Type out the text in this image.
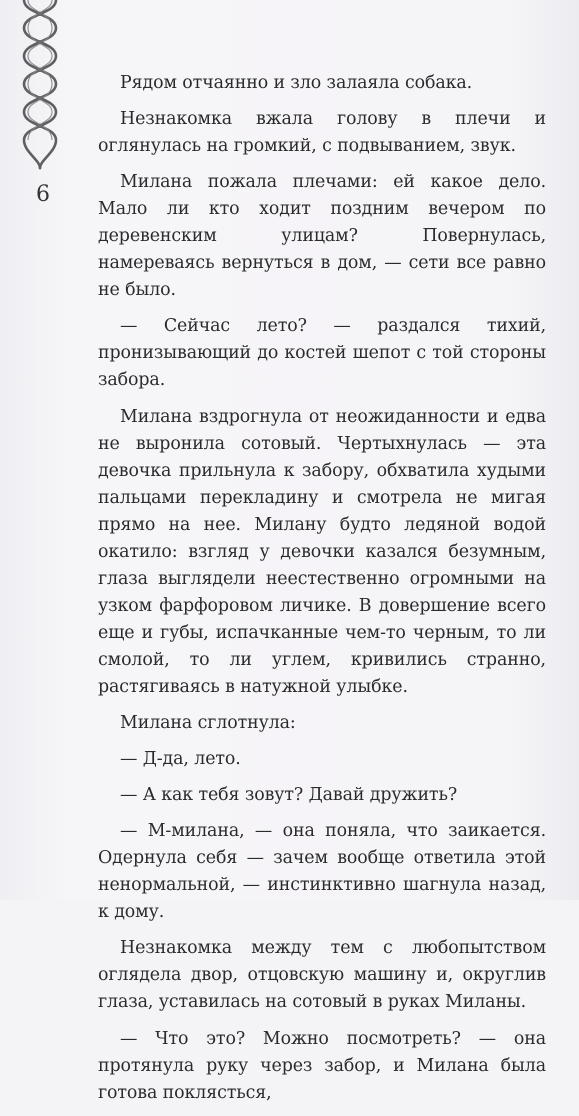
6

Рядом отчаянно и зло залаяла собака.

Незнакомка вжала голову в плечи и оглянулась на громкий, с подвыванием, звук.

Милана пожала плечами: ей какое дело. Мало ли кто ходит поздним вечером по деревенским улицам? Повернулась, намереваясь вернуться в дом, — сети все равно не было.

— Сейчас лето? — раздался тихий, пронизывающий до костей шепот с той стороны забора.

Милана вздрогнула от неожиданности и едва не выронила сотовый. Чертыхнулась — эта девочка прильнула к забору, обхватила худыми пальцами перекладину и смотрела не мигая прямо на нее. Милану будто ледяной водой окатило: взгляд у девочки казался безумным, глаза выглядели неестественно огромными на узком фарфоровом личике. В довершение всего еще и губы, испачканные чем-то черным, то ли смолой, то ли углем, кривились странно, растягиваясь в натужной улыбке.

Милана сглотнула:

— Д-да, лето.

— А как тебя зовут? Давай дружить?

— М-милана, — она поняла, что заикается. Одернула себя — зачем вообще ответила этой ненормальной, — инстинктивно шагнула назад, к дому.

Незнакомка между тем с любопытством огляделa двор, отцовскую машину и, округлив глаза, уставилась на сотовый в руках Миланы.

— Что это? Можно посмотреть? — она протянула руку через забор, и Милана была готова поклясться,
